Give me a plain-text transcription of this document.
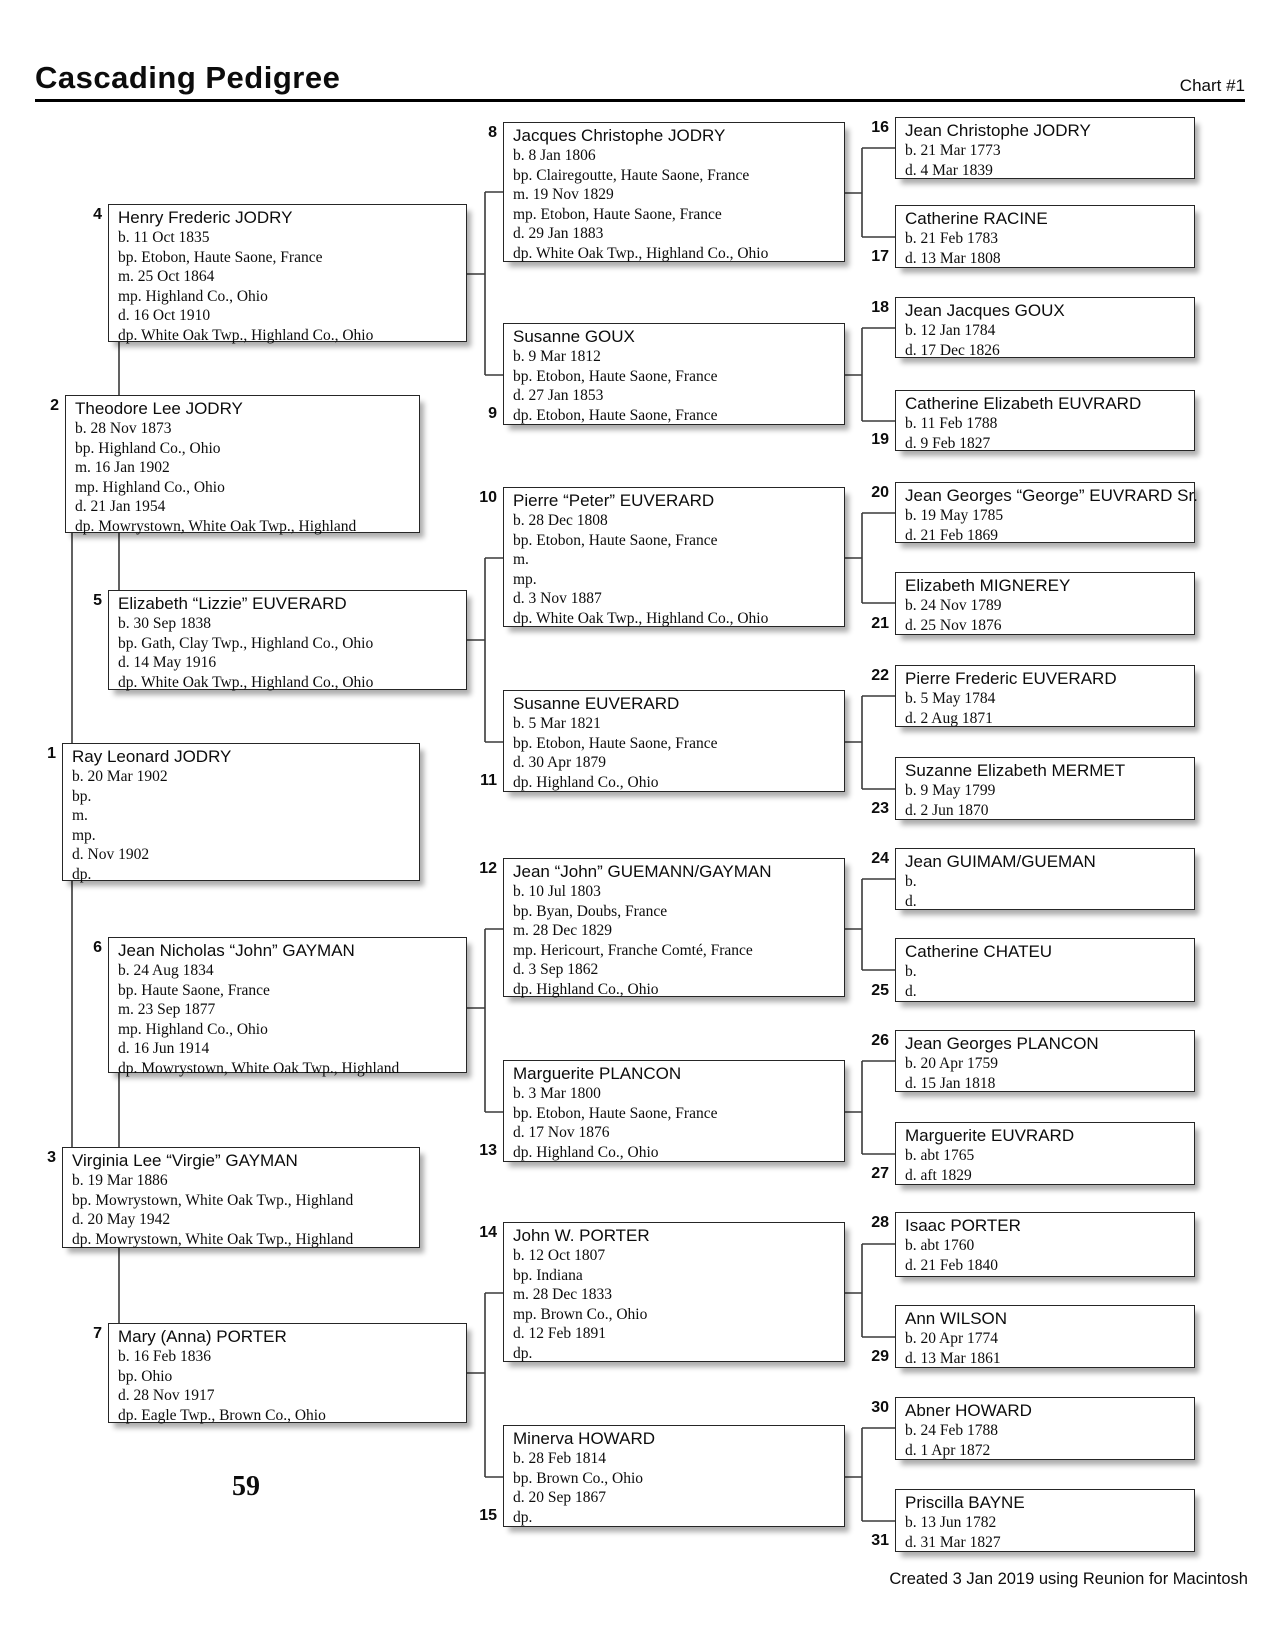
Cascading Pedigree	Chart #1
Ray Leonard JODRY
b. 20 Mar 1902
bp.
m.
mp.
d. Nov 1902
dp.
1
Theodore Lee JODRY
b. 28 Nov 1873
bp. Highland Co., Ohio
m. 16 Jan 1902
mp. Highland Co., Ohio
d. 21 Jan 1954
dp. Mowrystown, White Oak Twp., Highland
2
Virginia Lee “Virgie” GAYMAN
b. 19 Mar 1886
bp. Mowrystown, White Oak Twp., Highland
d. 20 May 1942
dp. Mowrystown, White Oak Twp., Highland
3
Henry Frederic JODRY
b. 11 Oct 1835
bp. Etobon, Haute Saone, France
m. 25 Oct 1864
mp. Highland Co., Ohio
d. 16 Oct 1910
dp. White Oak Twp., Highland Co., Ohio
4
Elizabeth “Lizzie” EUVERARD
b. 30 Sep 1838
bp. Gath, Clay Twp., Highland Co., Ohio
d. 14 May 1916
dp. White Oak Twp., Highland Co., Ohio
5
Jean Nicholas “John” GAYMAN
b. 24 Aug 1834
bp. Haute Saone, France
m. 23 Sep 1877
mp. Highland Co., Ohio
d. 16 Jun 1914
dp. Mowrystown, White Oak Twp., Highland
6
Mary (Anna) PORTER
b. 16 Feb 1836
bp. Ohio
d. 28 Nov 1917
dp. Eagle Twp., Brown Co., Ohio
7
Jacques Christophe JODRY
b. 8 Jan 1806
bp. Clairegoutte, Haute Saone, France
m. 19 Nov 1829
mp. Etobon, Haute Saone, France
d. 29 Jan 1883
dp. White Oak Twp., Highland Co., Ohio
8
Susanne GOUX
b. 9 Mar 1812
bp. Etobon, Haute Saone, France
d. 27 Jan 1853
dp. Etobon, Haute Saone, France
9
Pierre “Peter” EUVERARD
b. 28 Dec 1808
bp. Etobon, Haute Saone, France
m.
mp.
d. 3 Nov 1887
dp. White Oak Twp., Highland Co., Ohio
10
Susanne EUVERARD
b. 5 Mar 1821
bp. Etobon, Haute Saone, France
d. 30 Apr 1879
dp. Highland Co., Ohio
11
Jean “John” GUEMANN/GAYMAN
b. 10 Jul 1803
bp. Byan, Doubs, France
m. 28 Dec 1829
mp. Hericourt, Franche Comté, France
d. 3 Sep 1862
dp. Highland Co., Ohio
12
Marguerite PLANCON
b. 3 Mar 1800
bp. Etobon, Haute Saone, France
d. 17 Nov 1876
dp. Highland Co., Ohio
13
John W. PORTER
b. 12 Oct 1807
bp. Indiana
m. 28 Dec 1833
mp. Brown Co., Ohio
d. 12 Feb 1891
dp.
14
Minerva HOWARD
b. 28 Feb 1814
bp. Brown Co., Ohio
d. 20 Sep 1867
dp.
15
Jean Christophe JODRY
b. 21 Mar 1773
d. 4 Mar 1839
16
Catherine RACINE
b. 21 Feb 1783
d. 13 Mar 1808
17
Jean Jacques GOUX
b. 12 Jan 1784
d. 17 Dec 1826
18
Catherine Elizabeth EUVRARD
b. 11 Feb 1788
d. 9 Feb 1827
19
Jean Georges “George” EUVRARD Sr.
b. 19 May 1785
d. 21 Feb 1869
20
Elizabeth MIGNEREY
b. 24 Nov 1789
d. 25 Nov 1876
21
Pierre Frederic EUVERARD
b. 5 May 1784
d. 2 Aug 1871
22
Suzanne Elizabeth MERMET
b. 9 May 1799
d. 2 Jun 1870
23
Jean GUIMAM/GUEMAN
b.
d.
24
Catherine CHATEU
b.
d.
25
Jean Georges PLANCON
b. 20 Apr 1759
d. 15 Jan 1818
26
Marguerite EUVRARD
b. abt 1765
d. aft 1829
27
Isaac PORTER
b. abt 1760
d. 21 Feb 1840
28
Ann WILSON
b. 20 Apr 1774
d. 13 Mar 1861
29
Abner HOWARD
b. 24 Feb 1788
d. 1 Apr 1872
30
Priscilla BAYNE
b. 13 Jun 1782
d. 31 Mar 1827
31
59
Created 3 Jan 2019 using Reunion for Macintosh
